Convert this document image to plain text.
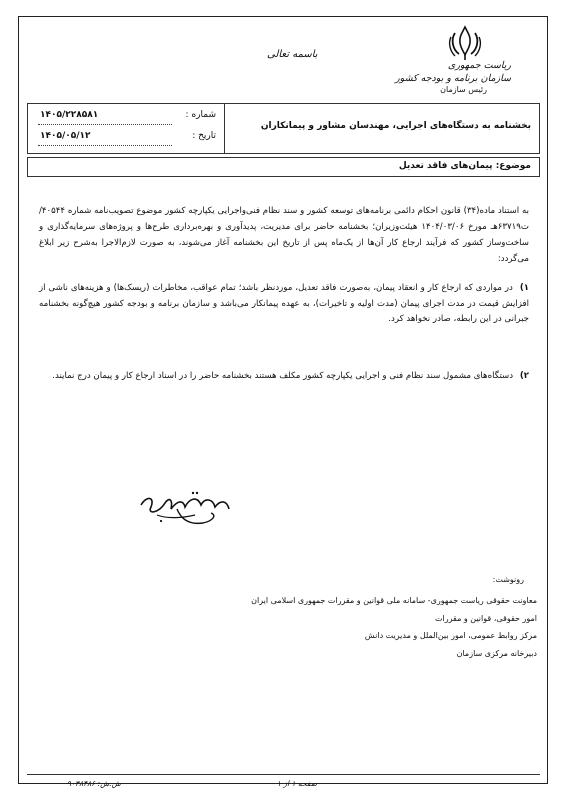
ریاست جمهوری
سازمان برنامه و بودجه کشور
رئیس سازمان
باسمه تعالی
بخشنامه به دستگاه‌های اجرایی، مهندسان مشاور و پیمانکاران
شماره :
۱۴۰۵/۲۲۸۵۸۱
تاریخ :
۱۴۰۵/۰۵/۱۲
موضوع: پیمان‌های فاقد تعدیل
به استناد ماده(۳۴) قانون احکام دائمی برنامه‌های توسعه کشور و سند نظام فنی‌واجرایی یکپارچه کشور موضوع تصویب‌نامه شماره ۴۰۵۴۴/ت۶۳۷۱۹هـ مورخ ۱۴۰۴/۰۳/۰۶ هیئت‌وزیران؛ بخشنامه حاضر برای مدیریت، پدیدآوری و بهره‌برداری طرح‌ها و پروژه‌های سرمایه‌گذاری و ساخت‌وساز کشور که فرآیند ارجاع کار آن‌ها از یک‌ماه پس از تاریخ این بخشنامه آغاز می‌شوند، به صورت لازم‌الاجرا به‌شرح زیر ابلاغ می‌گردد:
۱) در مواردی که ارجاع کار و انعقاد پیمان، به‌صورت فاقد تعدیل، موردنظر باشد؛ تمام عواقب، مخاطرات (ریسک‌ها) و هزینه‌های ناشی از افزایش قیمت در مدت اجرای پیمان (مدت اولیه و تاخیرات)، به عهده پیمانکار می‌باشد و سازمان برنامه و بودجه کشور هیچ‌گونه بخشنامه جبرانی در این رابطه، صادر نخواهد کرد.
۲) دستگاه‌های مشمول سند نظام فنی و اجرایی یکپارچه کشور مکلف هستند بخشنامه حاضر را در اسناد ارجاع کار و پیمان درج نمایند.
رونوشت:
معاونت حقوقی ریاست جمهوری- سامانه ملی قوانین و مقررات جمهوری اسلامی ایران
امور حقوقی، قوانین و مقررات
مرکز روابط عمومی، امور بین‌الملل و مدیریت دانش
دبیرخانه مرکزی سازمان
صفحه ۱ از ۱
ش.ش: ۹۰۳۸۴۸۶
